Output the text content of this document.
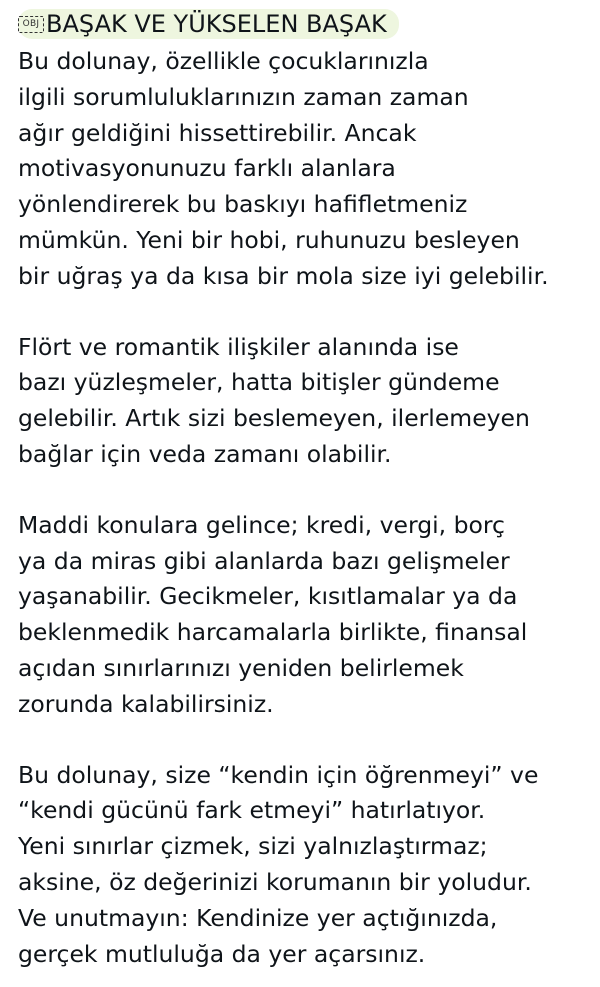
OBJ BAŞAK VE YÜKSELEN BAŞAK
Bu dolunay, özellikle çocuklarınızla
ilgili sorumluluklarınızın zaman zaman
ağır geldiğini hissettirebilir. Ancak
motivasyonunuzu farklı alanlara
yönlendirerek bu baskıyı hafifletmeniz
mümkün. Yeni bir hobi, ruhunuzu besleyen
bir uğraş ya da kısa bir mola size iyi gelebilir.
Flört ve romantik ilişkiler alanında ise
bazı yüzleşmeler, hatta bitişler gündeme
gelebilir. Artık sizi beslemeyen, ilerlemeyen
bağlar için veda zamanı olabilir.
Maddi konulara gelince; kredi, vergi, borç
ya da miras gibi alanlarda bazı gelişmeler
yaşanabilir. Gecikmeler, kısıtlamalar ya da
beklenmedik harcamalarla birlikte, finansal
açıdan sınırlarınızı yeniden belirlemek
zorunda kalabilirsiniz.
Bu dolunay, size “kendin için öğrenmeyi” ve
“kendi gücünü fark etmeyi” hatırlatıyor.
Yeni sınırlar çizmek, sizi yalnızlaştırmaz;
aksine, öz değerinizi korumanın bir yoludur.
Ve unutmayın: Kendinize yer açtığınızda,
gerçek mutluluğa da yer açarsınız.
